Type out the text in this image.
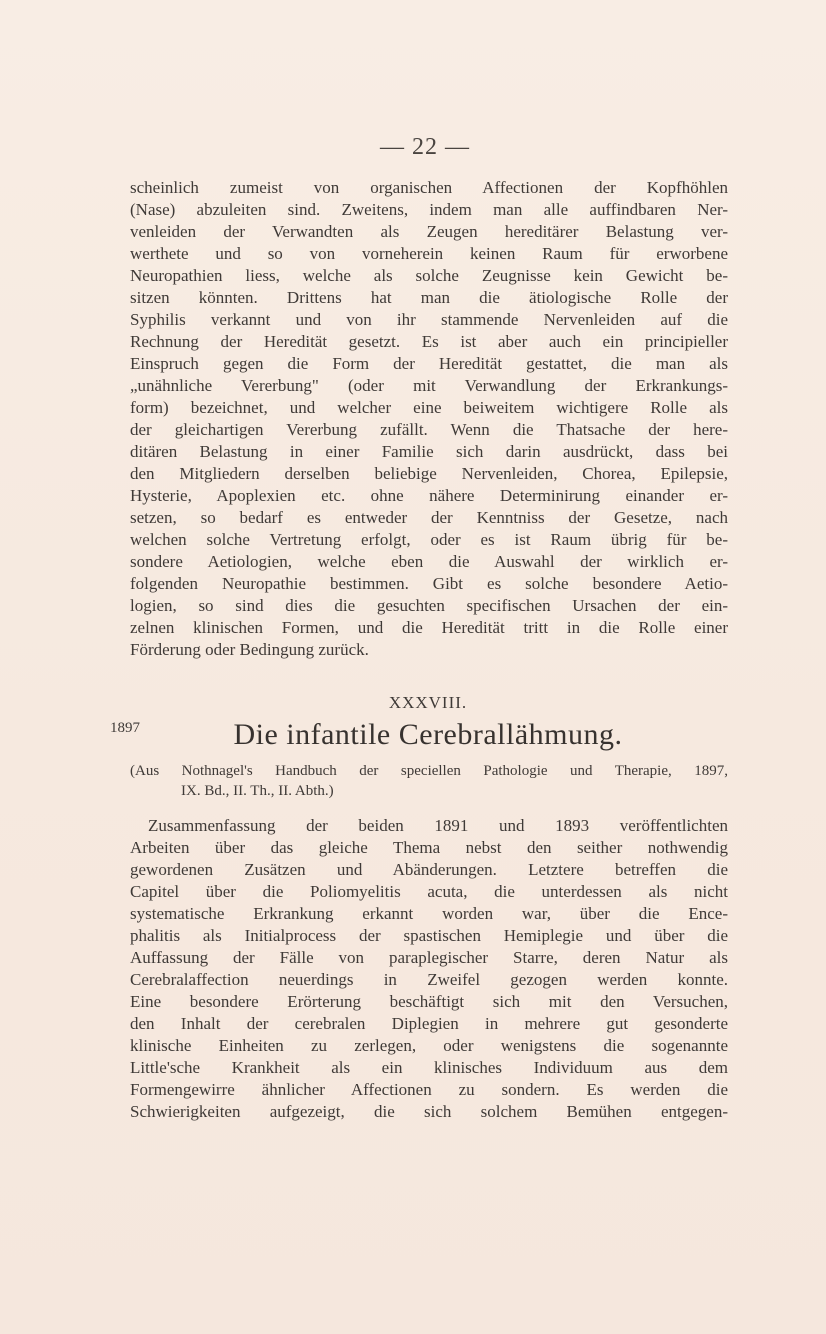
— 22 —
scheinlich zumeist von organischen Affectionen der Kopfhöhlen
(Nase) abzuleiten sind. Zweitens, indem man alle auffindbaren Ner-
venleiden der Verwandten als Zeugen hereditärer Belastung ver-
werthete und so von vorneherein keinen Raum für erworbene
Neuropathien liess, welche als solche Zeugnisse kein Gewicht be-
sitzen könnten. Drittens hat man die ätiologische Rolle der
Syphilis verkannt und von ihr stammende Nervenleiden auf die
Rechnung der Heredität gesetzt. Es ist aber auch ein principieller
Einspruch gegen die Form der Heredität gestattet, die man als
„unähnliche Vererbung" (oder mit Verwandlung der Erkrankungs-
form) bezeichnet, und welcher eine beiweitem wichtigere Rolle als
der gleichartigen Vererbung zufällt. Wenn die Thatsache der here-
ditären Belastung in einer Familie sich darin ausdrückt, dass bei
den Mitgliedern derselben beliebige Nervenleiden, Chorea, Epilepsie,
Hysterie, Apoplexien etc. ohne nähere Determinirung einander er-
setzen, so bedarf es entweder der Kenntniss der Gesetze, nach
welchen solche Vertretung erfolgt, oder es ist Raum übrig für be-
sondere Aetiologien, welche eben die Auswahl der wirklich er-
folgenden Neuropathie bestimmen. Gibt es solche besondere Aetio-
logien, so sind dies die gesuchten specifischen Ursachen der ein-
zelnen klinischen Formen, und die Heredität tritt in die Rolle einer
Förderung oder Bedingung zurück.
XXXVIII.
1897	Die infantile Cerebrallähmung.
(Aus Nothnagel's Handbuch der speciellen Pathologie und Therapie, 1897,
IX. Bd., II. Th., II. Abth.)
Zusammenfassung der beiden 1891 und 1893 veröffentlichten
Arbeiten über das gleiche Thema nebst den seither nothwendig
gewordenen Zusätzen und Abänderungen. Letztere betreffen die
Capitel über die Poliomyelitis acuta, die unterdessen als nicht
systematische Erkrankung erkannt worden war, über die Ence-
phalitis als Initialprocess der spastischen Hemiplegie und über die
Auffassung der Fälle von paraplegischer Starre, deren Natur als
Cerebralaffection neuerdings in Zweifel gezogen werden konnte.
Eine besondere Erörterung beschäftigt sich mit den Versuchen,
den Inhalt der cerebralen Diplegien in mehrere gut gesonderte
klinische Einheiten zu zerlegen, oder wenigstens die sogenannte
Little'sche Krankheit als ein klinisches Individuum aus dem
Formengewirre ähnlicher Affectionen zu sondern. Es werden die
Schwierigkeiten aufgezeigt, die sich solchem Bemühen entgegen-
